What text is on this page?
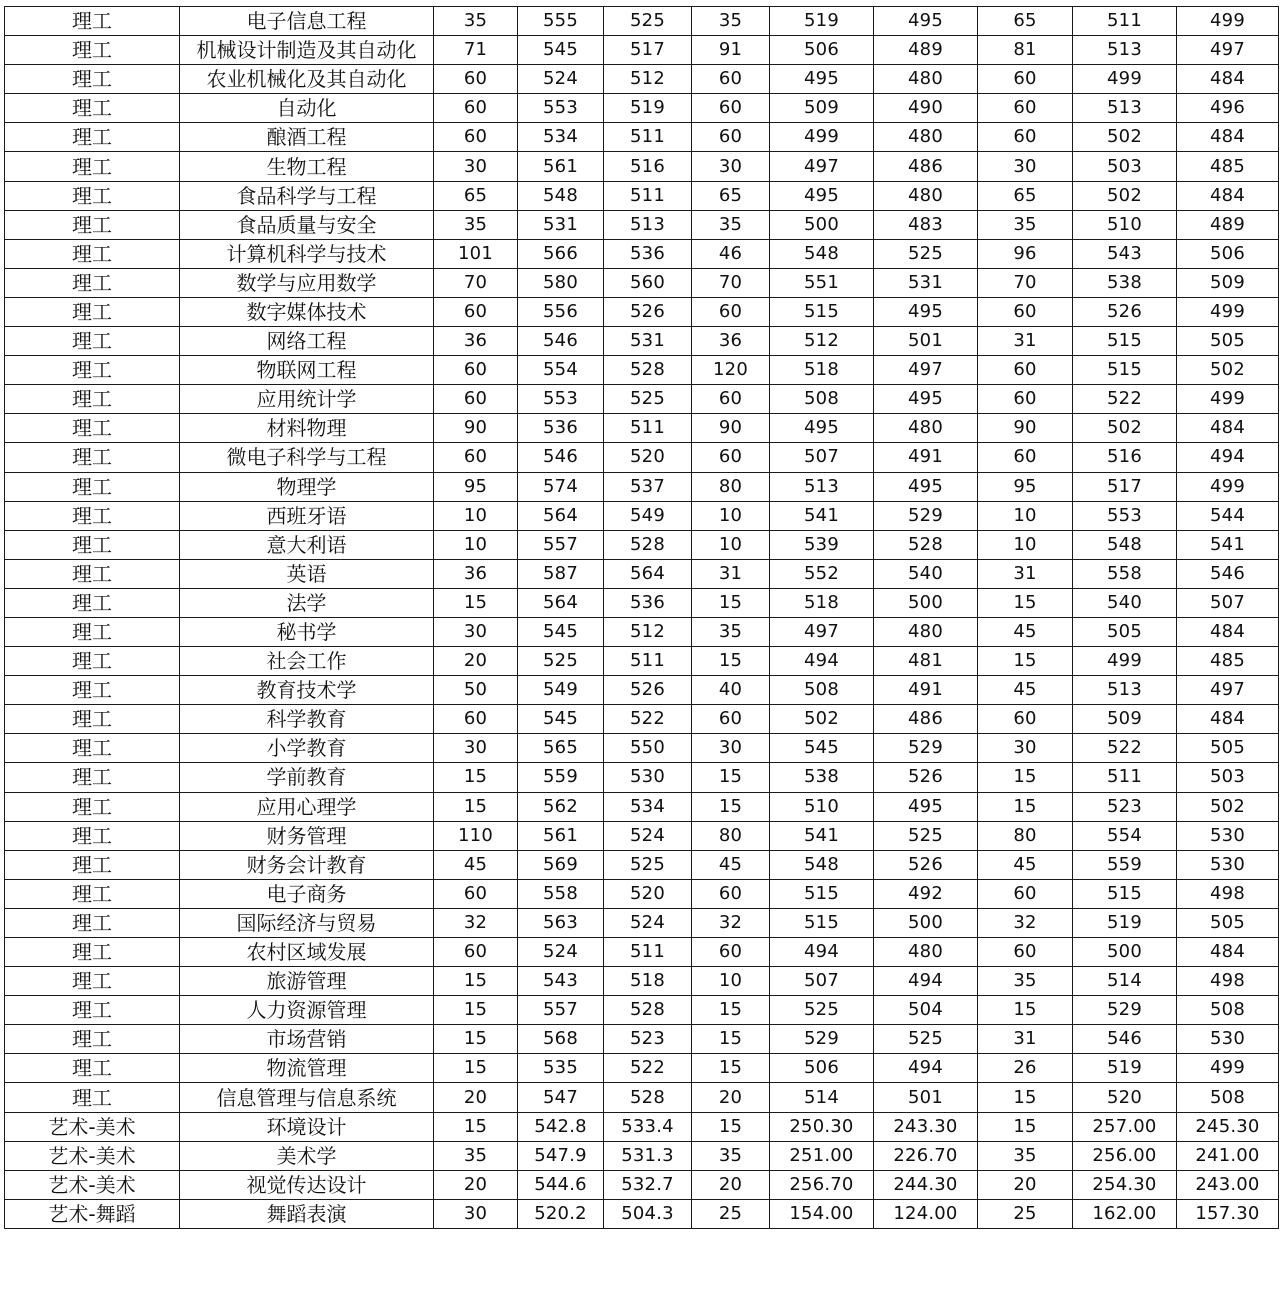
理工	电子信息工程	35	555	525	35	519	495	65	511	499
理工	机械设计制造及其自动化	71	545	517	91	506	489	81	513	497
理工	农业机械化及其自动化	60	524	512	60	495	480	60	499	484
理工	自动化	60	553	519	60	509	490	60	513	496
理工	酿酒工程	60	534	511	60	499	480	60	502	484
理工	生物工程	30	561	516	30	497	486	30	503	485
理工	食品科学与工程	65	548	511	65	495	480	65	502	484
理工	食品质量与安全	35	531	513	35	500	483	35	510	489
理工	计算机科学与技术	101	566	536	46	548	525	96	543	506
理工	数学与应用数学	70	580	560	70	551	531	70	538	509
理工	数字媒体技术	60	556	526	60	515	495	60	526	499
理工	网络工程	36	546	531	36	512	501	31	515	505
理工	物联网工程	60	554	528	120	518	497	60	515	502
理工	应用统计学	60	553	525	60	508	495	60	522	499
理工	材料物理	90	536	511	90	495	480	90	502	484
理工	微电子科学与工程	60	546	520	60	507	491	60	516	494
理工	物理学	95	574	537	80	513	495	95	517	499
理工	西班牙语	10	564	549	10	541	529	10	553	544
理工	意大利语	10	557	528	10	539	528	10	548	541
理工	英语	36	587	564	31	552	540	31	558	546
理工	法学	15	564	536	15	518	500	15	540	507
理工	秘书学	30	545	512	35	497	480	45	505	484
理工	社会工作	20	525	511	15	494	481	15	499	485
理工	教育技术学	50	549	526	40	508	491	45	513	497
理工	科学教育	60	545	522	60	502	486	60	509	484
理工	小学教育	30	565	550	30	545	529	30	522	505
理工	学前教育	15	559	530	15	538	526	15	511	503
理工	应用心理学	15	562	534	15	510	495	15	523	502
理工	财务管理	110	561	524	80	541	525	80	554	530
理工	财务会计教育	45	569	525	45	548	526	45	559	530
理工	电子商务	60	558	520	60	515	492	60	515	498
理工	国际经济与贸易	32	563	524	32	515	500	32	519	505
理工	农村区域发展	60	524	511	60	494	480	60	500	484
理工	旅游管理	15	543	518	10	507	494	35	514	498
理工	人力资源管理	15	557	528	15	525	504	15	529	508
理工	市场营销	15	568	523	15	529	525	31	546	530
理工	物流管理	15	535	522	15	506	494	26	519	499
理工	信息管理与信息系统	20	547	528	20	514	501	15	520	508
艺术-美术	环境设计	15	542.8	533.4	15	250.30	243.30	15	257.00	245.30
艺术-美术	美术学	35	547.9	531.3	35	251.00	226.70	35	256.00	241.00
艺术-美术	视觉传达设计	20	544.6	532.7	20	256.70	244.30	20	254.30	243.00
艺术-舞蹈	舞蹈表演	30	520.2	504.3	25	154.00	124.00	25	162.00	157.30
